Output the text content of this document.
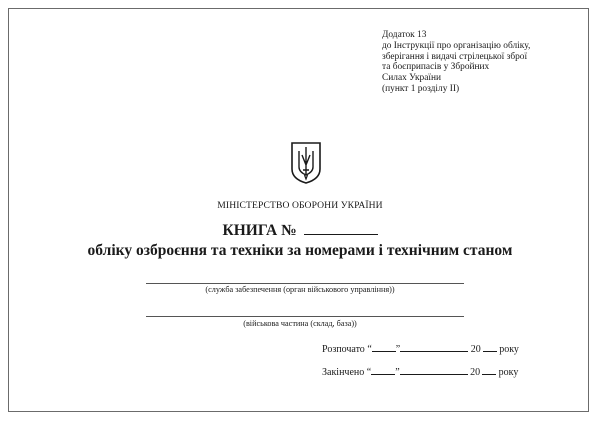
Додаток 13
до Інструкції про організацію обліку,
зберігання і видачі стрілецької зброї
та боєприпасів у Збройних
Силах України
(пункт 1 розділу ІІ)
МІНІСТЕРСТВО ОБОРОНИ УКРАЇНИ
КНИГА №
обліку озброєння та техніки за номерами і технічним станом
(служба забезпечення (орган військового управління))
(військова частина (склад, база))
Розпочато “ ”	20 року
Закінчено “ ”	20 року
